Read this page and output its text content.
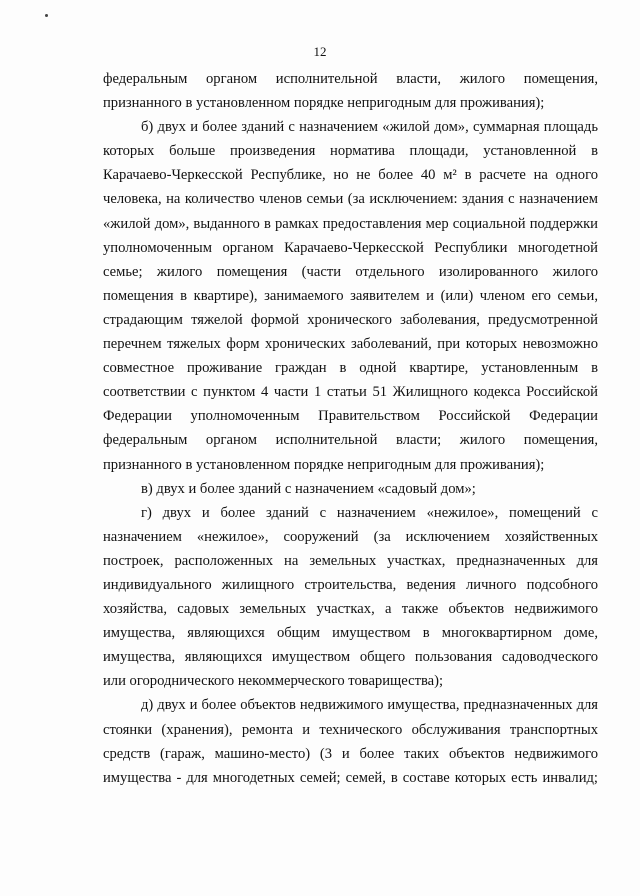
12
федеральным органом исполнительной власти, жилого помещения,
признанного в установленном порядке непригодным для проживания);
б) двух и более зданий с назначением «жилой дом», суммарная площадь
которых больше произведения норматива площади, установленной в
Карачаево-Черкесской Республике, но не более 40 м² в расчете на одного
человека, на количество членов семьи (за исключением: здания с назначением
«жилой дом», выданного в рамках предоставления мер социальной поддержки
уполномоченным органом Карачаево-Черкесской Республики многодетной
семье; жилого помещения (части отдельного изолированного жилого
помещения в квартире), занимаемого заявителем и (или) членом его семьи,
страдающим тяжелой формой хронического заболевания, предусмотренной
перечнем тяжелых форм хронических заболеваний, при которых невозможно
совместное проживание граждан в одной квартире, установленным в
соответствии с пунктом 4 части 1 статьи 51 Жилищного кодекса Российской
Федерации уполномоченным Правительством Российской Федерации
федеральным органом исполнительной власти; жилого помещения,
признанного в установленном порядке непригодным для проживания);
в) двух и более зданий с назначением «садовый дом»;
г) двух и более зданий с назначением «нежилое», помещений с
назначением «нежилое», сооружений (за исключением хозяйственных
построек, расположенных на земельных участках, предназначенных для
индивидуального жилищного строительства, ведения личного подсобного
хозяйства, садовых земельных участках, а также объектов недвижимого
имущества, являющихся общим имуществом в многоквартирном доме,
имущества, являющихся имуществом общего пользования садоводческого
или огороднического некоммерческого товарищества);
д) двух и более объектов недвижимого имущества, предназначенных для
стоянки (хранения), ремонта и технического обслуживания транспортных
средств (гараж, машино-место) (3 и более таких объектов недвижимого
имущества - для многодетных семей; семей, в составе которых есть инвалид;
